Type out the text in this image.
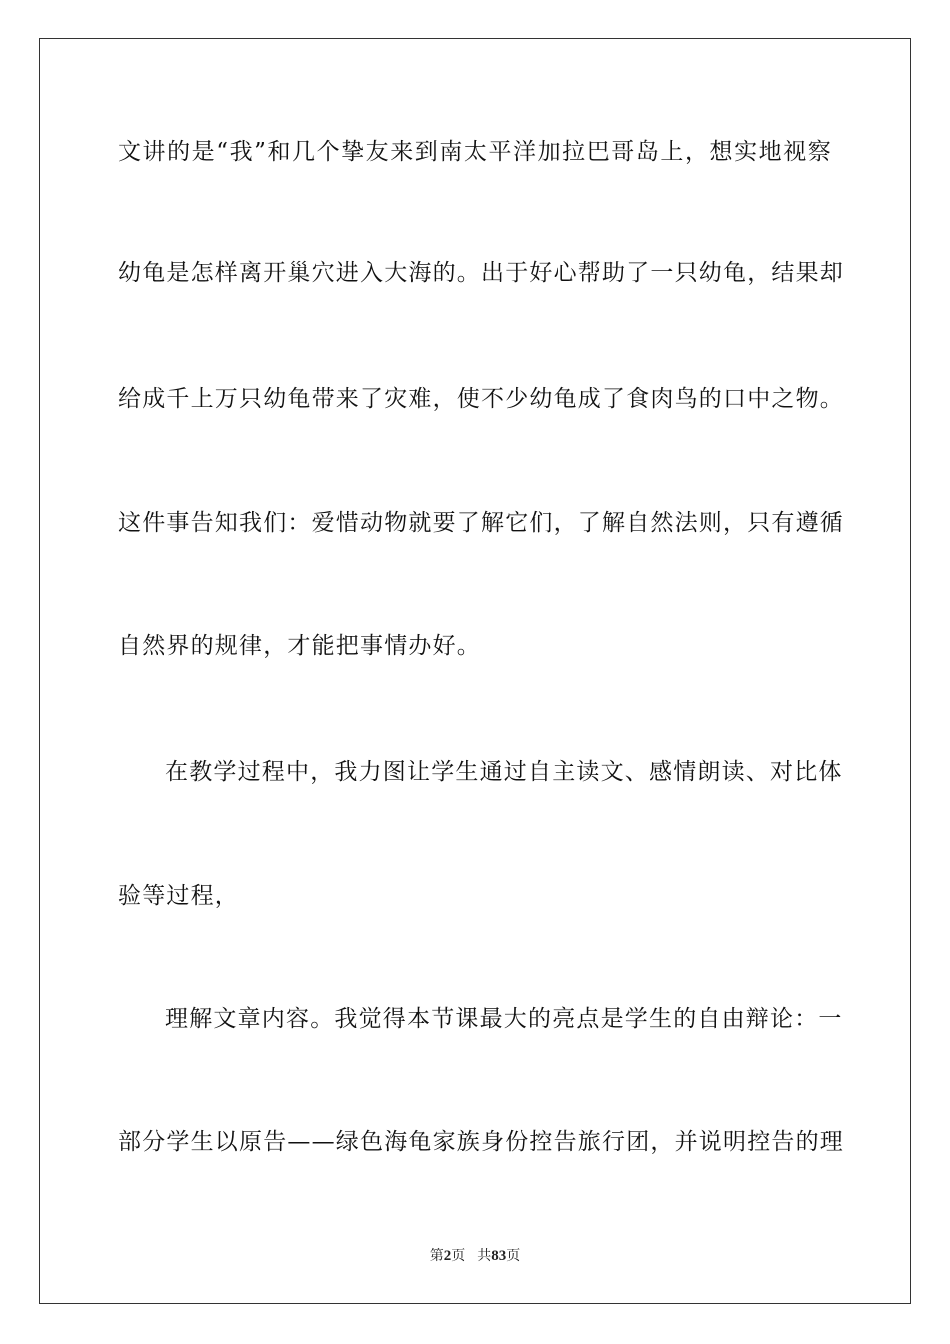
文讲的是“我”和几个挚友来到南太平洋加拉巴哥岛上，想实地视察
幼龟是怎样离开巢穴进入大海的。出于好心帮助了一只幼龟，结果却
给成千上万只幼龟带来了灾难，使不少幼龟成了食肉鸟的口中之物。
这件事告知我们：爱惜动物就要了解它们，了解自然法则，只有遵循
自然界的规律，才能把事情办好。
在教学过程中，我力图让学生通过自主读文、感情朗读、对比体
验等过程，
理解文章内容。我觉得本节课最大的亮点是学生的自由辩论：一
部分学生以原告——绿色海龟家族身份控告旅行团，并说明控告的理
第2页 共83页
